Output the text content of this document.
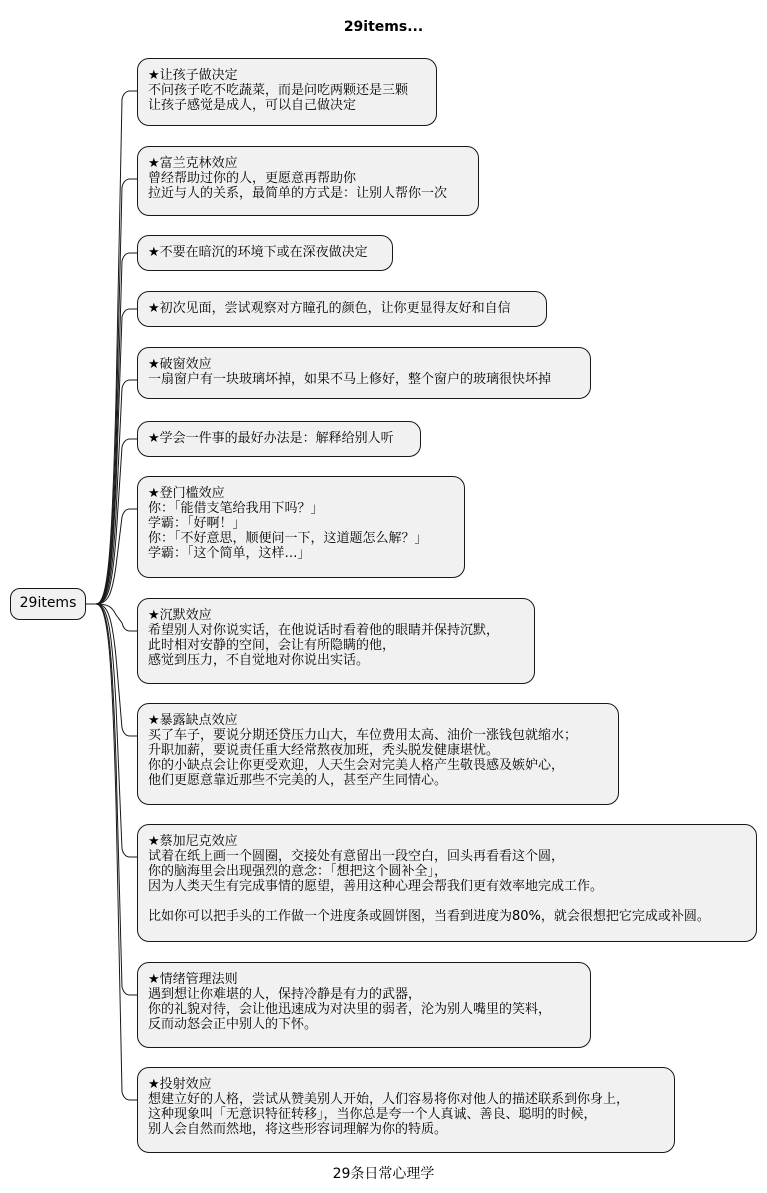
29items...
29items
★让孩子做决定
不问孩子吃不吃蔬菜，而是问吃两颗还是三颗
让孩子感觉是成人，可以自己做决定
★富兰克林效应
曾经帮助过你的人，更愿意再帮助你
拉近与人的关系，最简单的方式是：让别人帮你一次
★不要在暗沉的环境下或在深夜做决定
★初次见面，尝试观察对方瞳孔的颜色，让你更显得友好和自信
★破窗效应
一扇窗户有一块玻璃坏掉，如果不马上修好，整个窗户的玻璃很快坏掉
★学会一件事的最好办法是：解释给别人听
★登门槛效应
你：「能借支笔给我用下吗？」
学霸：「好啊！」
你：「不好意思，顺便问一下，这道题怎么解？」
学霸：「这个简单，这样…」
★沉默效应
希望别人对你说实话，在他说话时看着他的眼睛并保持沉默，
此时相对安静的空间，会让有所隐瞒的他，
感觉到压力，不自觉地对你说出实话。
★暴露缺点效应
买了车子，要说分期还贷压力山大，车位费用太高、油价一涨钱包就缩水；
升职加薪，要说责任重大经常熬夜加班，秃头脱发健康堪忧。
你的小缺点会让你更受欢迎，人天生会对完美人格产生敬畏感及嫉妒心，
他们更愿意靠近那些不完美的人，甚至产生同情心。
★蔡加尼克效应
试着在纸上画一个圆圈，交接处有意留出一段空白，回头再看看这个圆，
你的脑海里会出现强烈的意念：「想把这个圆补全」，
因为人类天生有完成事情的愿望，善用这种心理会帮我们更有效率地完成工作。
比如你可以把手头的工作做一个进度条或圆饼图，当看到进度为80%，就会很想把它完成或补圆。
★情绪管理法则
遇到想让你难堪的人，保持冷静是有力的武器，
你的礼貌对待，会让他迅速成为对决里的弱者，沦为别人嘴里的笑料，
反而动怒会正中别人的下怀。
★投射效应
想建立好的人格，尝试从赞美别人开始，人们容易将你对他人的描述联系到你身上，
这种现象叫「无意识特征转移」，当你总是夸一个人真诚、善良、聪明的时候，
别人会自然而然地，将这些形容词理解为你的特质。
29条日常心理学
